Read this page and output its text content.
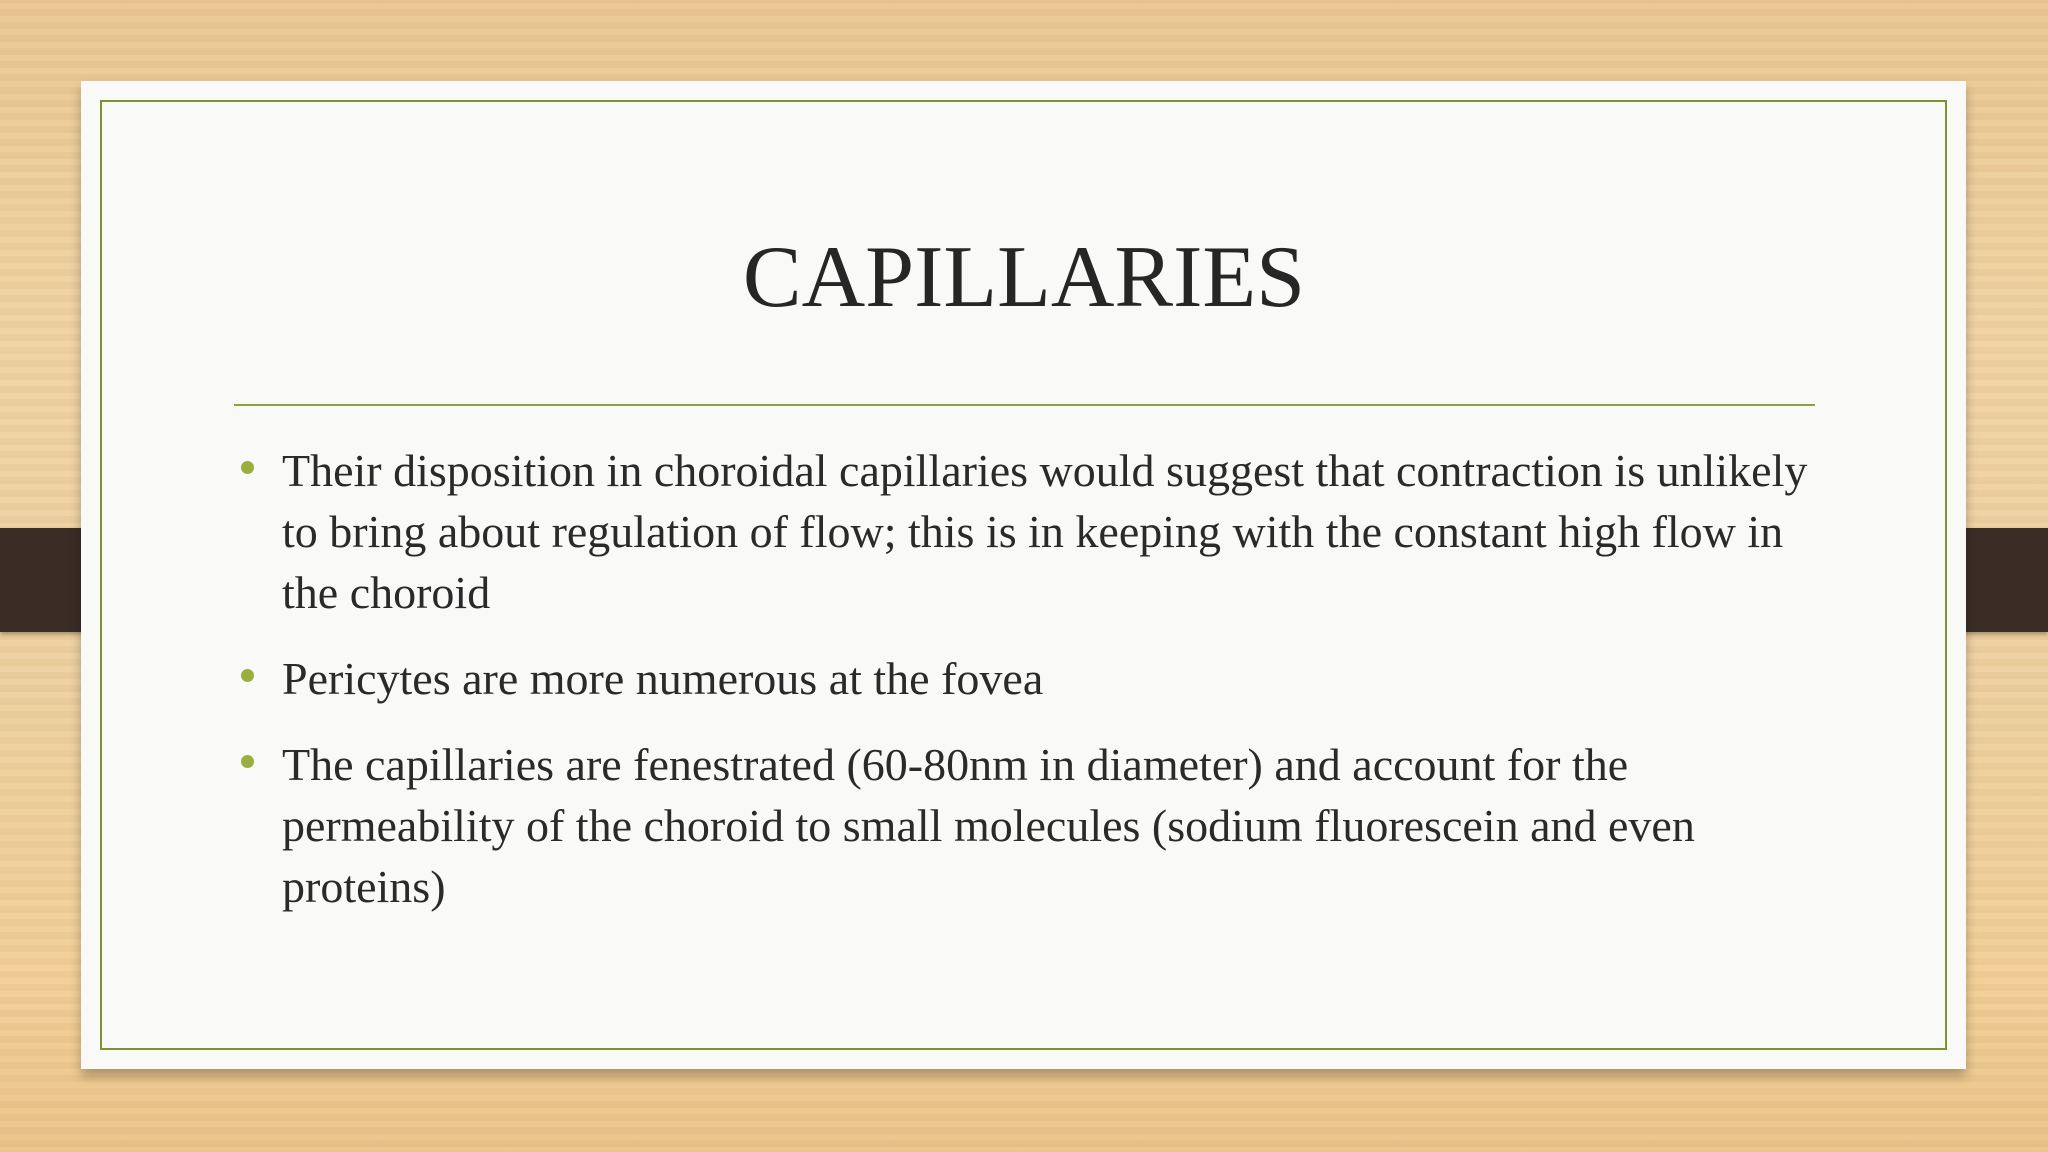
CAPILLARIES
Their disposition in choroidal capillaries would suggest that contraction is unlikely to bring about regulation of flow; this is in keeping with the constant high flow in the choroid
Pericytes are more numerous at the fovea
The capillaries are fenestrated (60-80nm in diameter) and account for the permeability of the choroid to small molecules (sodium fluorescein and even proteins)
